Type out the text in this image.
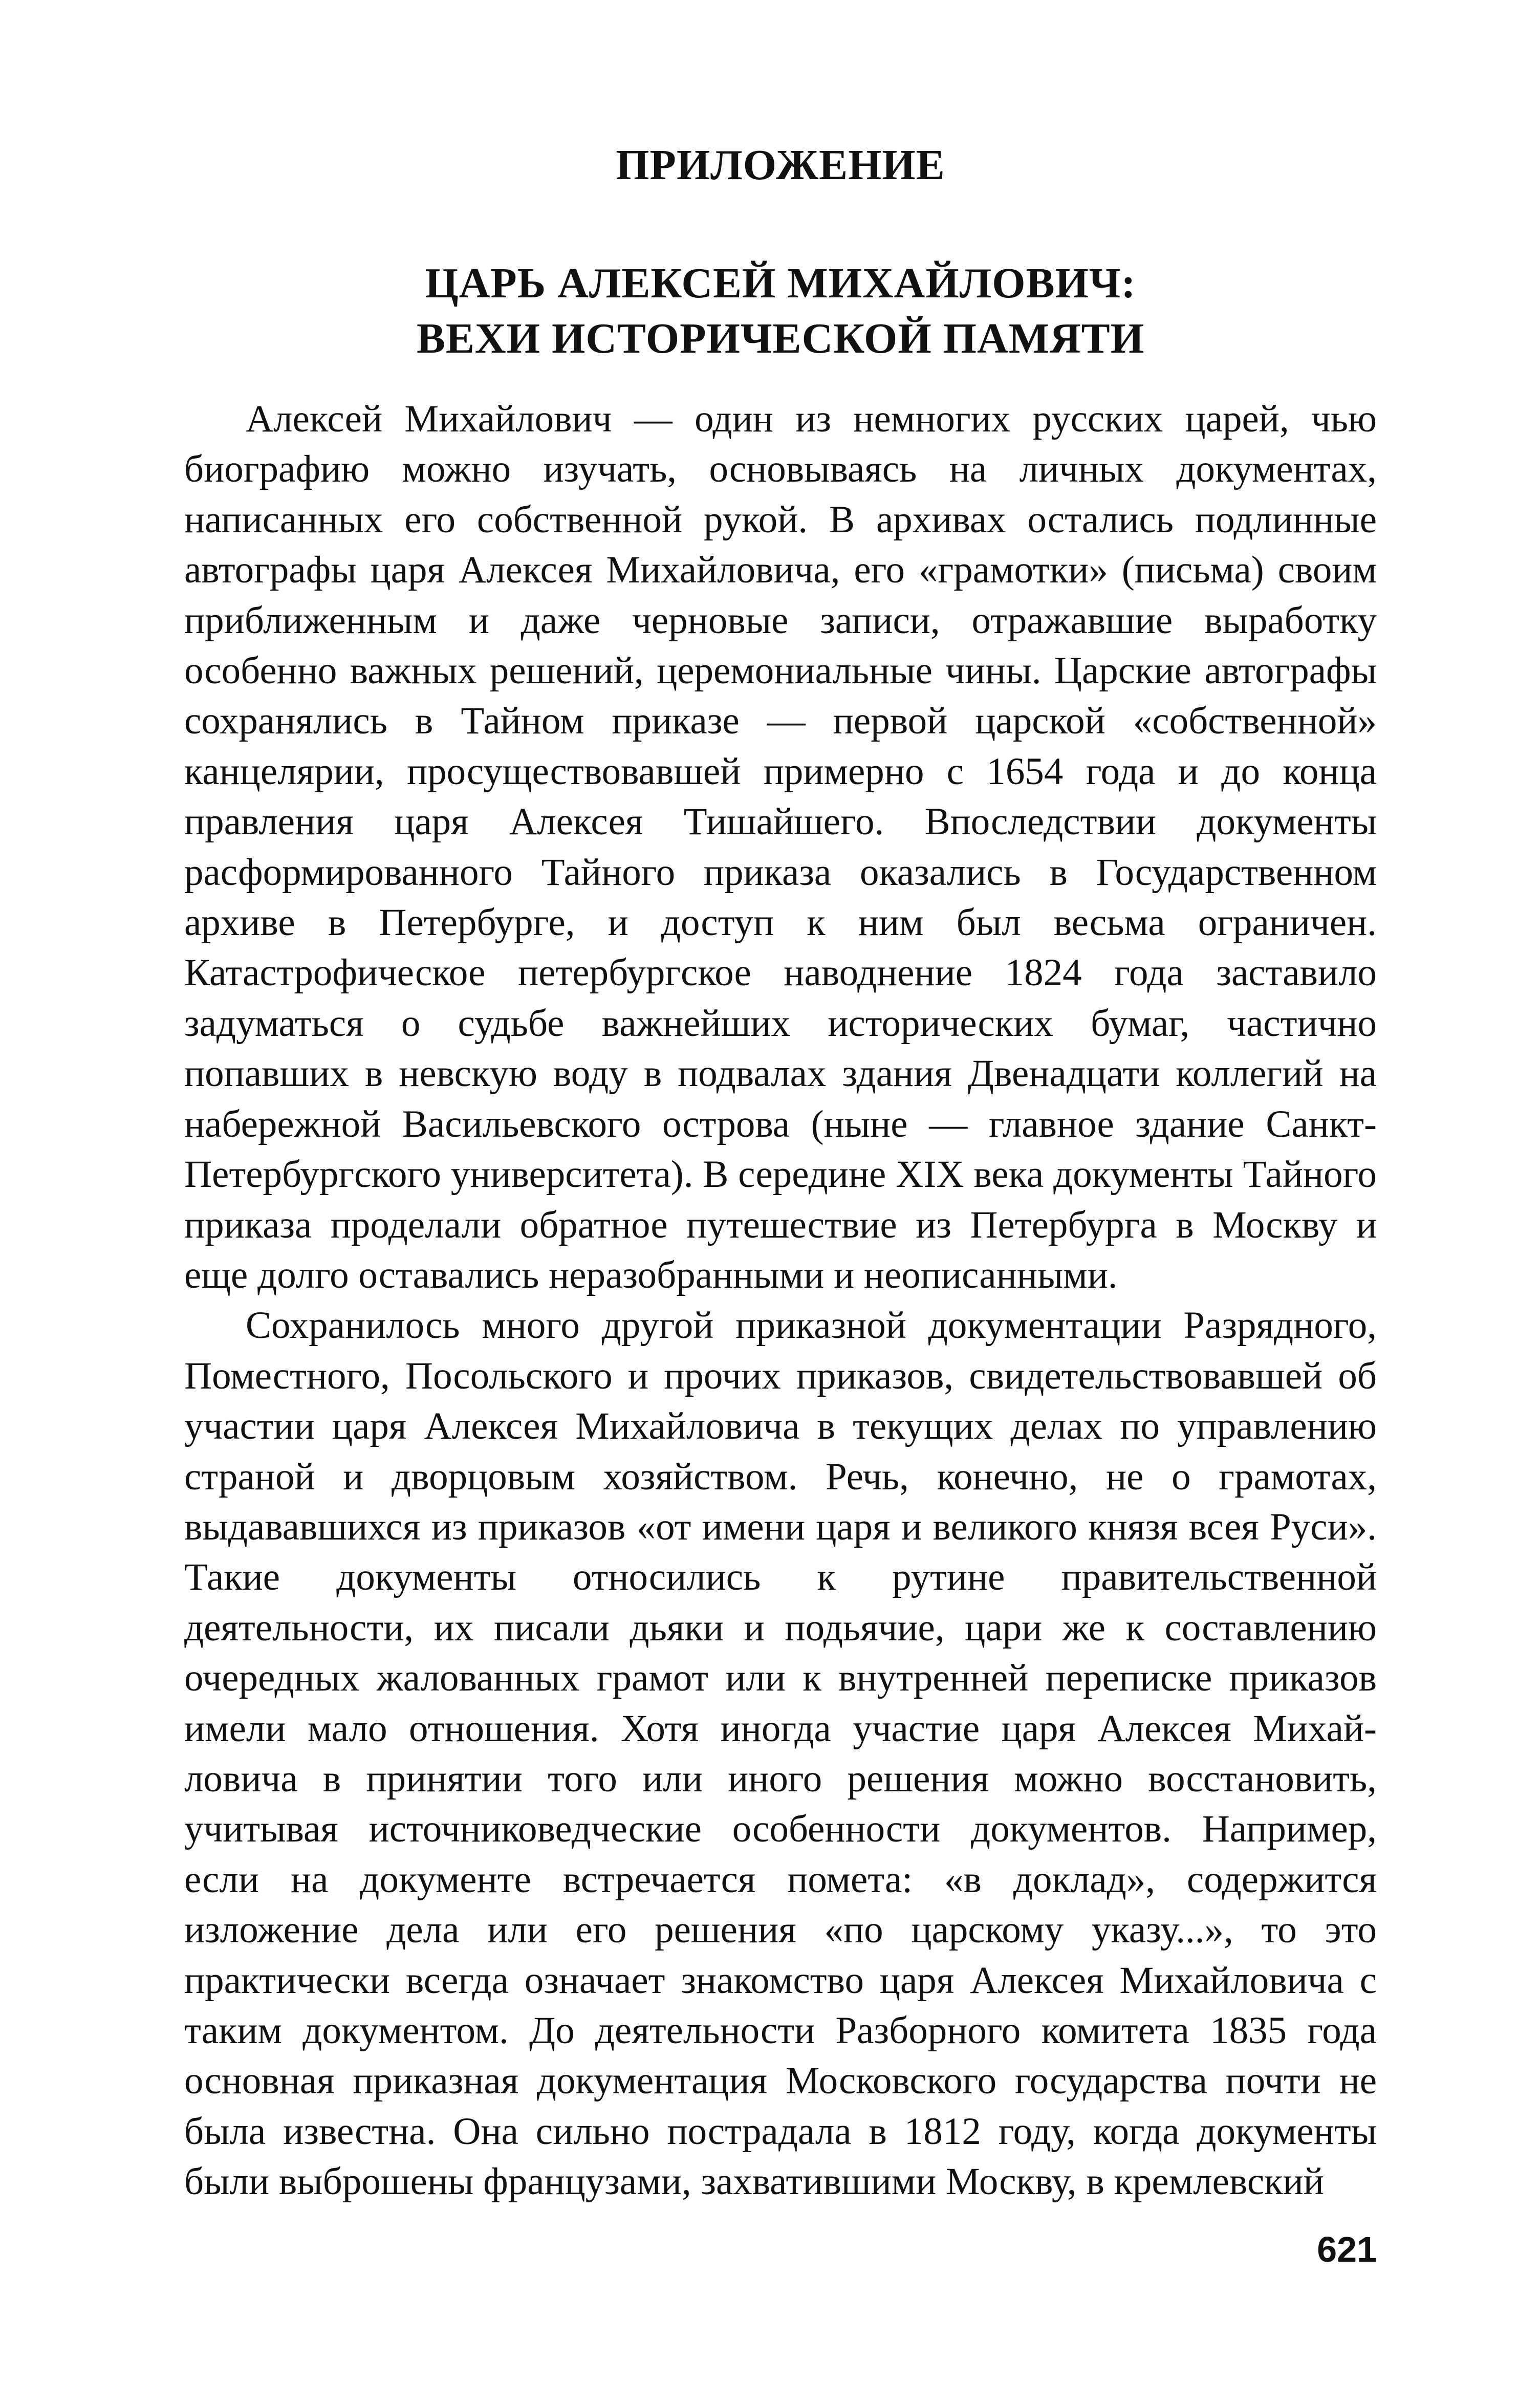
ПРИЛОЖЕНИЕ
ЦАРЬ АЛЕКСЕЙ МИХАЙЛОВИЧ:
ВЕХИ ИСТОРИЧЕСКОЙ ПАМЯТИ

Алексей Михайлович — один из немногих русских царей, чью биографию можно изучать, основываясь на личных документах, написанных его собственной рукой. В архивах остались подлинные автографы царя Алексея Михайловича, его «грамотки» (письма) своим приближенным и даже черновые записи, отражавшие выработку особенно важных решений, церемониальные чины. Царские автографы сохранялись в Тайном приказе — первой царской «собственной» канцелярии, просуществовавшей примерно с 1654 года и до конца правления царя Алексея Тишайшего. Впоследствии документы расформированного Тайного приказа оказались в Государственном архиве в Петербурге, и доступ к ним был весьма ограничен. Катастрофическое петербургское наводнение 1824 года заставило задуматься о судьбе важнейших исторических бумаг, частично попавших в невскую воду в подвалах здания Двенадцати коллегий на набережной Васильевского острова (ныне — главное здание Санкт-Петербургского университета). В середине XIX века документы Тайного приказа проделали обратное путешествие из Петербурга в Москву и еще долго оставались неразобранными и неописанными.

Сохранилось много другой приказной документации Разрядного, Поместного, Посольского и прочих приказов, свидетельствовавшей об участии царя Алексея Михайловича в текущих делах по управлению страной и дворцовым хозяйством. Речь, конечно, не о грамотах, выдававшихся из приказов «от имени царя и великого князя всея Руси». Такие документы относились к рутине правительственной деятельности, их писали дьяки и подьячие, цари же к составлению очередных жалованных грамот или к внутренней переписке приказов имели мало отношения. Хотя иногда участие царя Алексея Михайловича в принятии того или иного решения можно восстановить, учитывая источниковедческие особенности документов. Например, если на документе встречается помета: «в доклад», содержится изложение дела или его решения «по царскому указу...», то это практически всегда означает знакомство царя Алексея Михайловича с таким документом. До деятельности Разборного комитета 1835 года основная приказная документация Московского государства почти не была известна. Она сильно пострадала в 1812 году, когда документы были выброшены французами, захватившими Москву, в кремлевский

621
